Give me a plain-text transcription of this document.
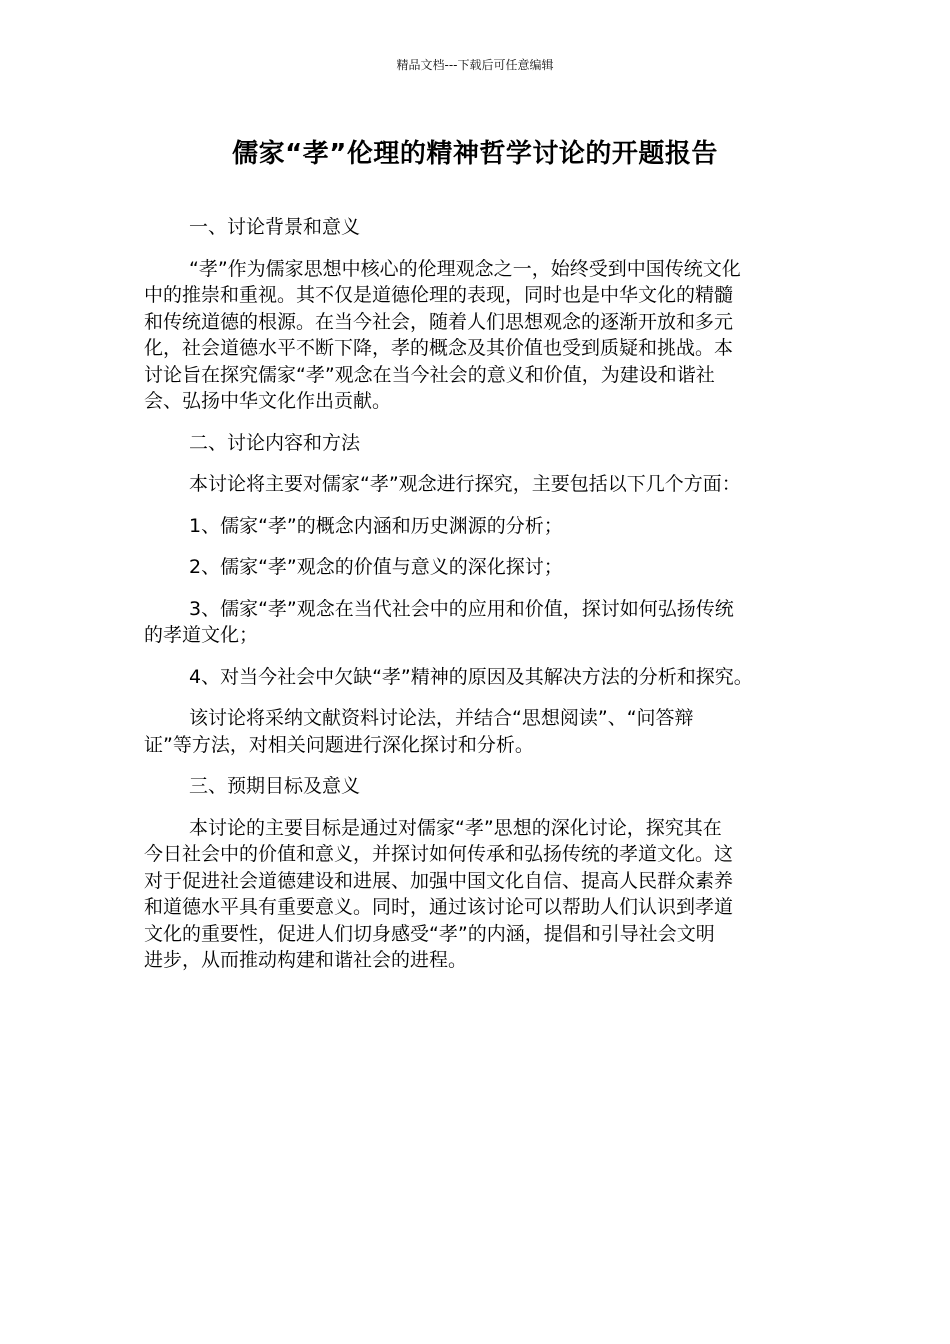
精品文档---下载后可任意编辑
儒家“孝”伦理的精神哲学讨论的开题报告

一、讨论背景和意义

“孝”作为儒家思想中核心的伦理观念之一，始终受到中国传统文化
中的推崇和重视。其不仅是道德伦理的表现，同时也是中华文化的精髓
和传统道德的根源。在当今社会，随着人们思想观念的逐渐开放和多元
化，社会道德水平不断下降，孝的概念及其价值也受到质疑和挑战。本
讨论旨在探究儒家“孝”观念在当今社会的意义和价值，为建设和谐社
会、弘扬中华文化作出贡献。

二、讨论内容和方法

本讨论将主要对儒家“孝”观念进行探究，主要包括以下几个方面：

1、儒家“孝”的概念内涵和历史渊源的分析；

2、儒家“孝”观念的价值与意义的深化探讨；

3、儒家“孝”观念在当代社会中的应用和价值，探讨如何弘扬传统
的孝道文化；

4、对当今社会中欠缺“孝”精神的原因及其解决方法的分析和探究。

该讨论将采纳文献资料讨论法，并结合“思想阅读”、“问答辩
证”等方法，对相关问题进行深化探讨和分析。

三、预期目标及意义

本讨论的主要目标是通过对儒家“孝”思想的深化讨论，探究其在
今日社会中的价值和意义，并探讨如何传承和弘扬传统的孝道文化。这
对于促进社会道德建设和进展、加强中国文化自信、提高人民群众素养
和道德水平具有重要意义。同时，通过该讨论可以帮助人们认识到孝道
文化的重要性，促进人们切身感受“孝”的内涵，提倡和引导社会文明
进步，从而推动构建和谐社会的进程。
